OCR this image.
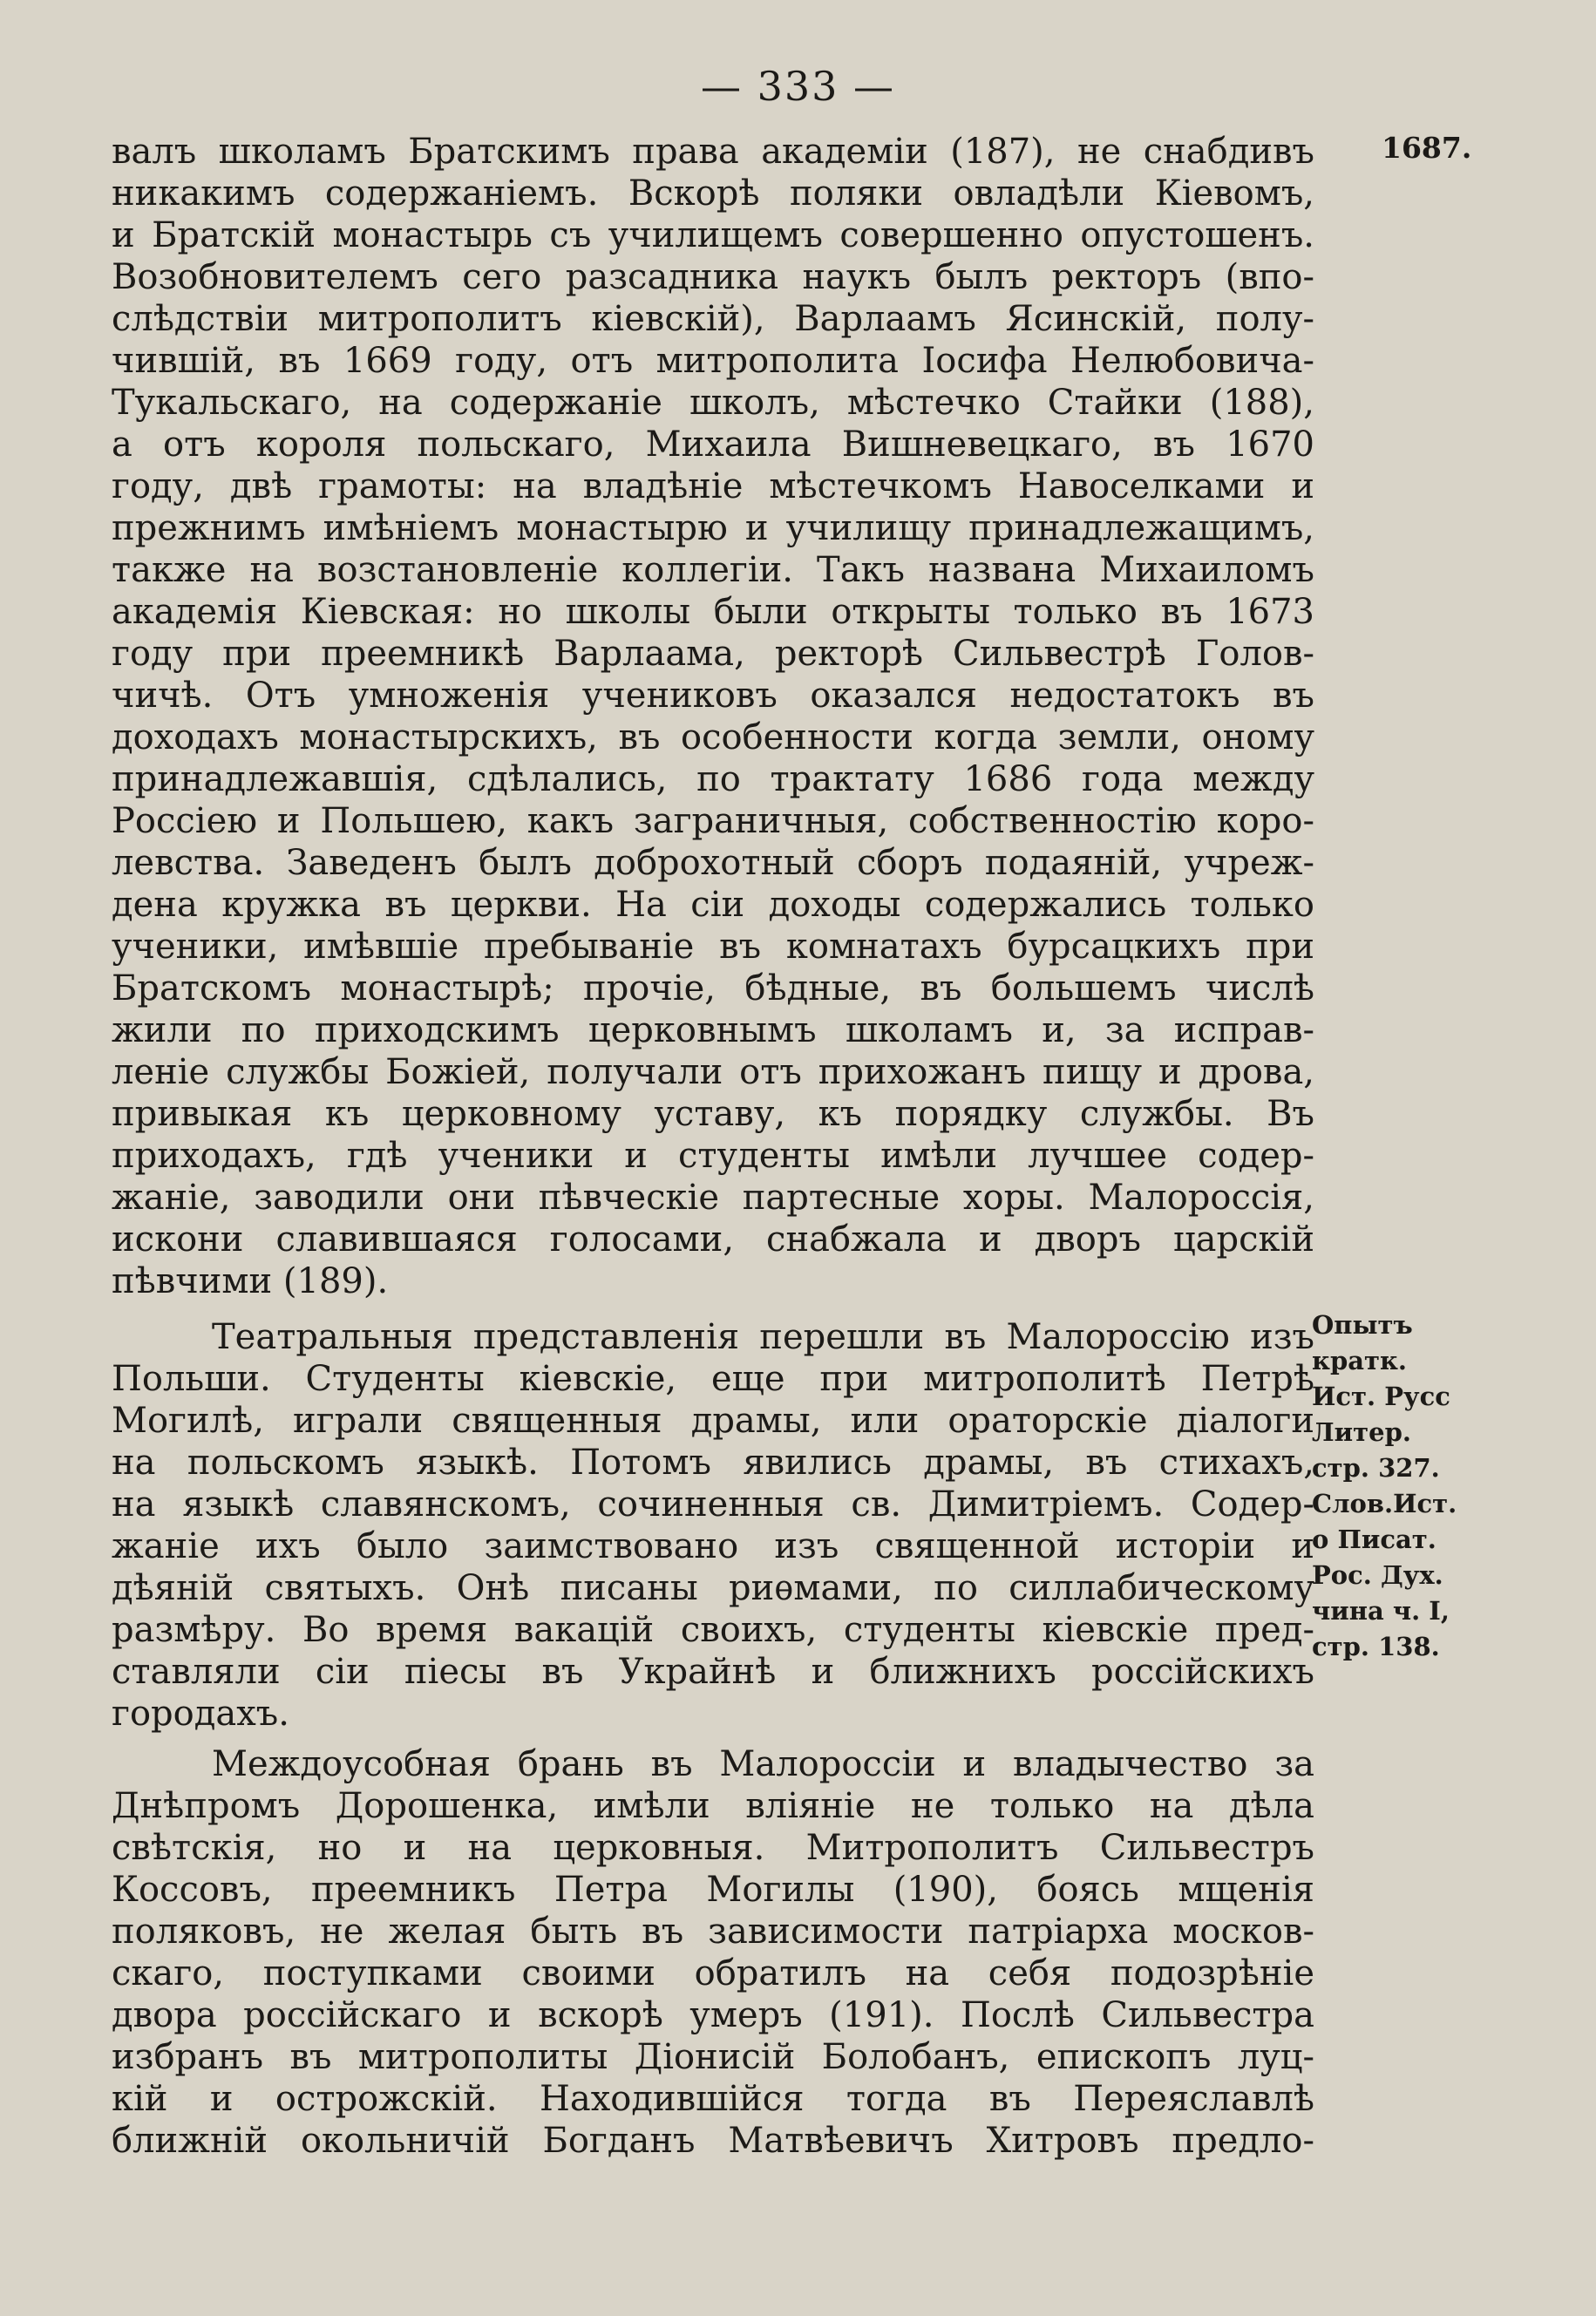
— 333 —
1687.
валъ школамъ Братскимъ права академіи (187), не снабдивъ
никакимъ содержаніемъ. Вскорѣ поляки овладѣли Кіевомъ,
и Братскій монастырь съ училищемъ совершенно опустошенъ.
Возобновителемъ сего разсадника наукъ былъ ректоръ (впо-
слѣдствіи митрополитъ кіевскій), Варлаамъ Ясинскій, полу-
чившій, въ 1669 году, отъ митрополита Іосифа Нелюбовича-
Тукальскаго, на содержаніе школъ, мѣстечко Стайки (188),
а отъ короля польскаго, Михаила Вишневецкаго, въ 1670
году, двѣ грамоты: на владѣніе мѣстечкомъ Навоселками и
прежнимъ имѣніемъ монастырю и училищу принадлежащимъ,
также на возстановленіе коллегіи. Такъ названа Михаиломъ
академія Кіевская: но школы были открыты только въ 1673
году при преемникѣ Варлаама, ректорѣ Сильвестрѣ Голов-
чичѣ. Отъ умноженія учениковъ оказался недостатокъ въ
доходахъ монастырскихъ, въ особенности когда земли, оному
принадлежавшія, сдѣлались, по трактату 1686 года между
Россіею и Польшею, какъ заграничныя, собственностію коро-
левства. Заведенъ былъ доброхотный сборъ подаяній, учреж-
дена кружка въ церкви. На сіи доходы содержались только
ученики, имѣвшіе пребываніе въ комнатахъ бурсацкихъ при
Братскомъ монастырѣ; прочіе, бѣдные, въ большемъ числѣ
жили по приходскимъ церковнымъ школамъ и, за исправ-
леніе службы Божіей, получали отъ прихожанъ пищу и дрова,
привыкая къ церковному уставу, къ порядку службы. Въ
приходахъ, гдѣ ученики и студенты имѣли лучшее содер-
жаніе, заводили они пѣвческіе партесные хоры. Малороссія,
искони славившаяся голосами, снабжала и дворъ царскій
пѣвчими (189).
Театральныя представленія перешли въ Малороссію изъ
Польши. Студенты кіевскіе, еще при митрополитѣ Петрѣ
Могилѣ, играли священныя драмы, или ораторскіе діалоги
на польскомъ языкѣ. Потомъ явились драмы, въ стихахъ,
на языкѣ славянскомъ, сочиненныя св. Димитріемъ. Содер-
жаніе ихъ было заимствовано изъ священной исторіи и
дѣяній святыхъ. Онѣ писаны риѳмами, по силлабическому
размѣру. Во время вакацій своихъ, студенты кіевскіе пред-
ставляли сіи піесы въ Украйнѣ и ближнихъ россійскихъ
городахъ.
Опытъ
кратк.
Ист. Русс
Литер.
стр. 327.
Слов.Ист.
о Писат.
Рос. Дух.
чина ч. I,
стр. 138.
Междоусобная брань въ Малороссіи и владычество за
Днѣпромъ Дорошенка, имѣли вліяніе не только на дѣла
свѣтскія, но и на церковныя. Митрополитъ Сильвестръ
Коссовъ, преемникъ Петра Могилы (190), боясь мщенія
поляковъ, не желая быть въ зависимости патріарха москов-
скаго, поступками своими обратилъ на себя подозрѣніе
двора россійскаго и вскорѣ умеръ (191). Послѣ Сильвестра
избранъ въ митрополиты Діонисій Болобанъ, епископъ луц-
кій и острожскій. Находившійся тогда въ Переяславлѣ
ближній окольничій Богданъ Матвѣевичъ Хитровъ предло-
